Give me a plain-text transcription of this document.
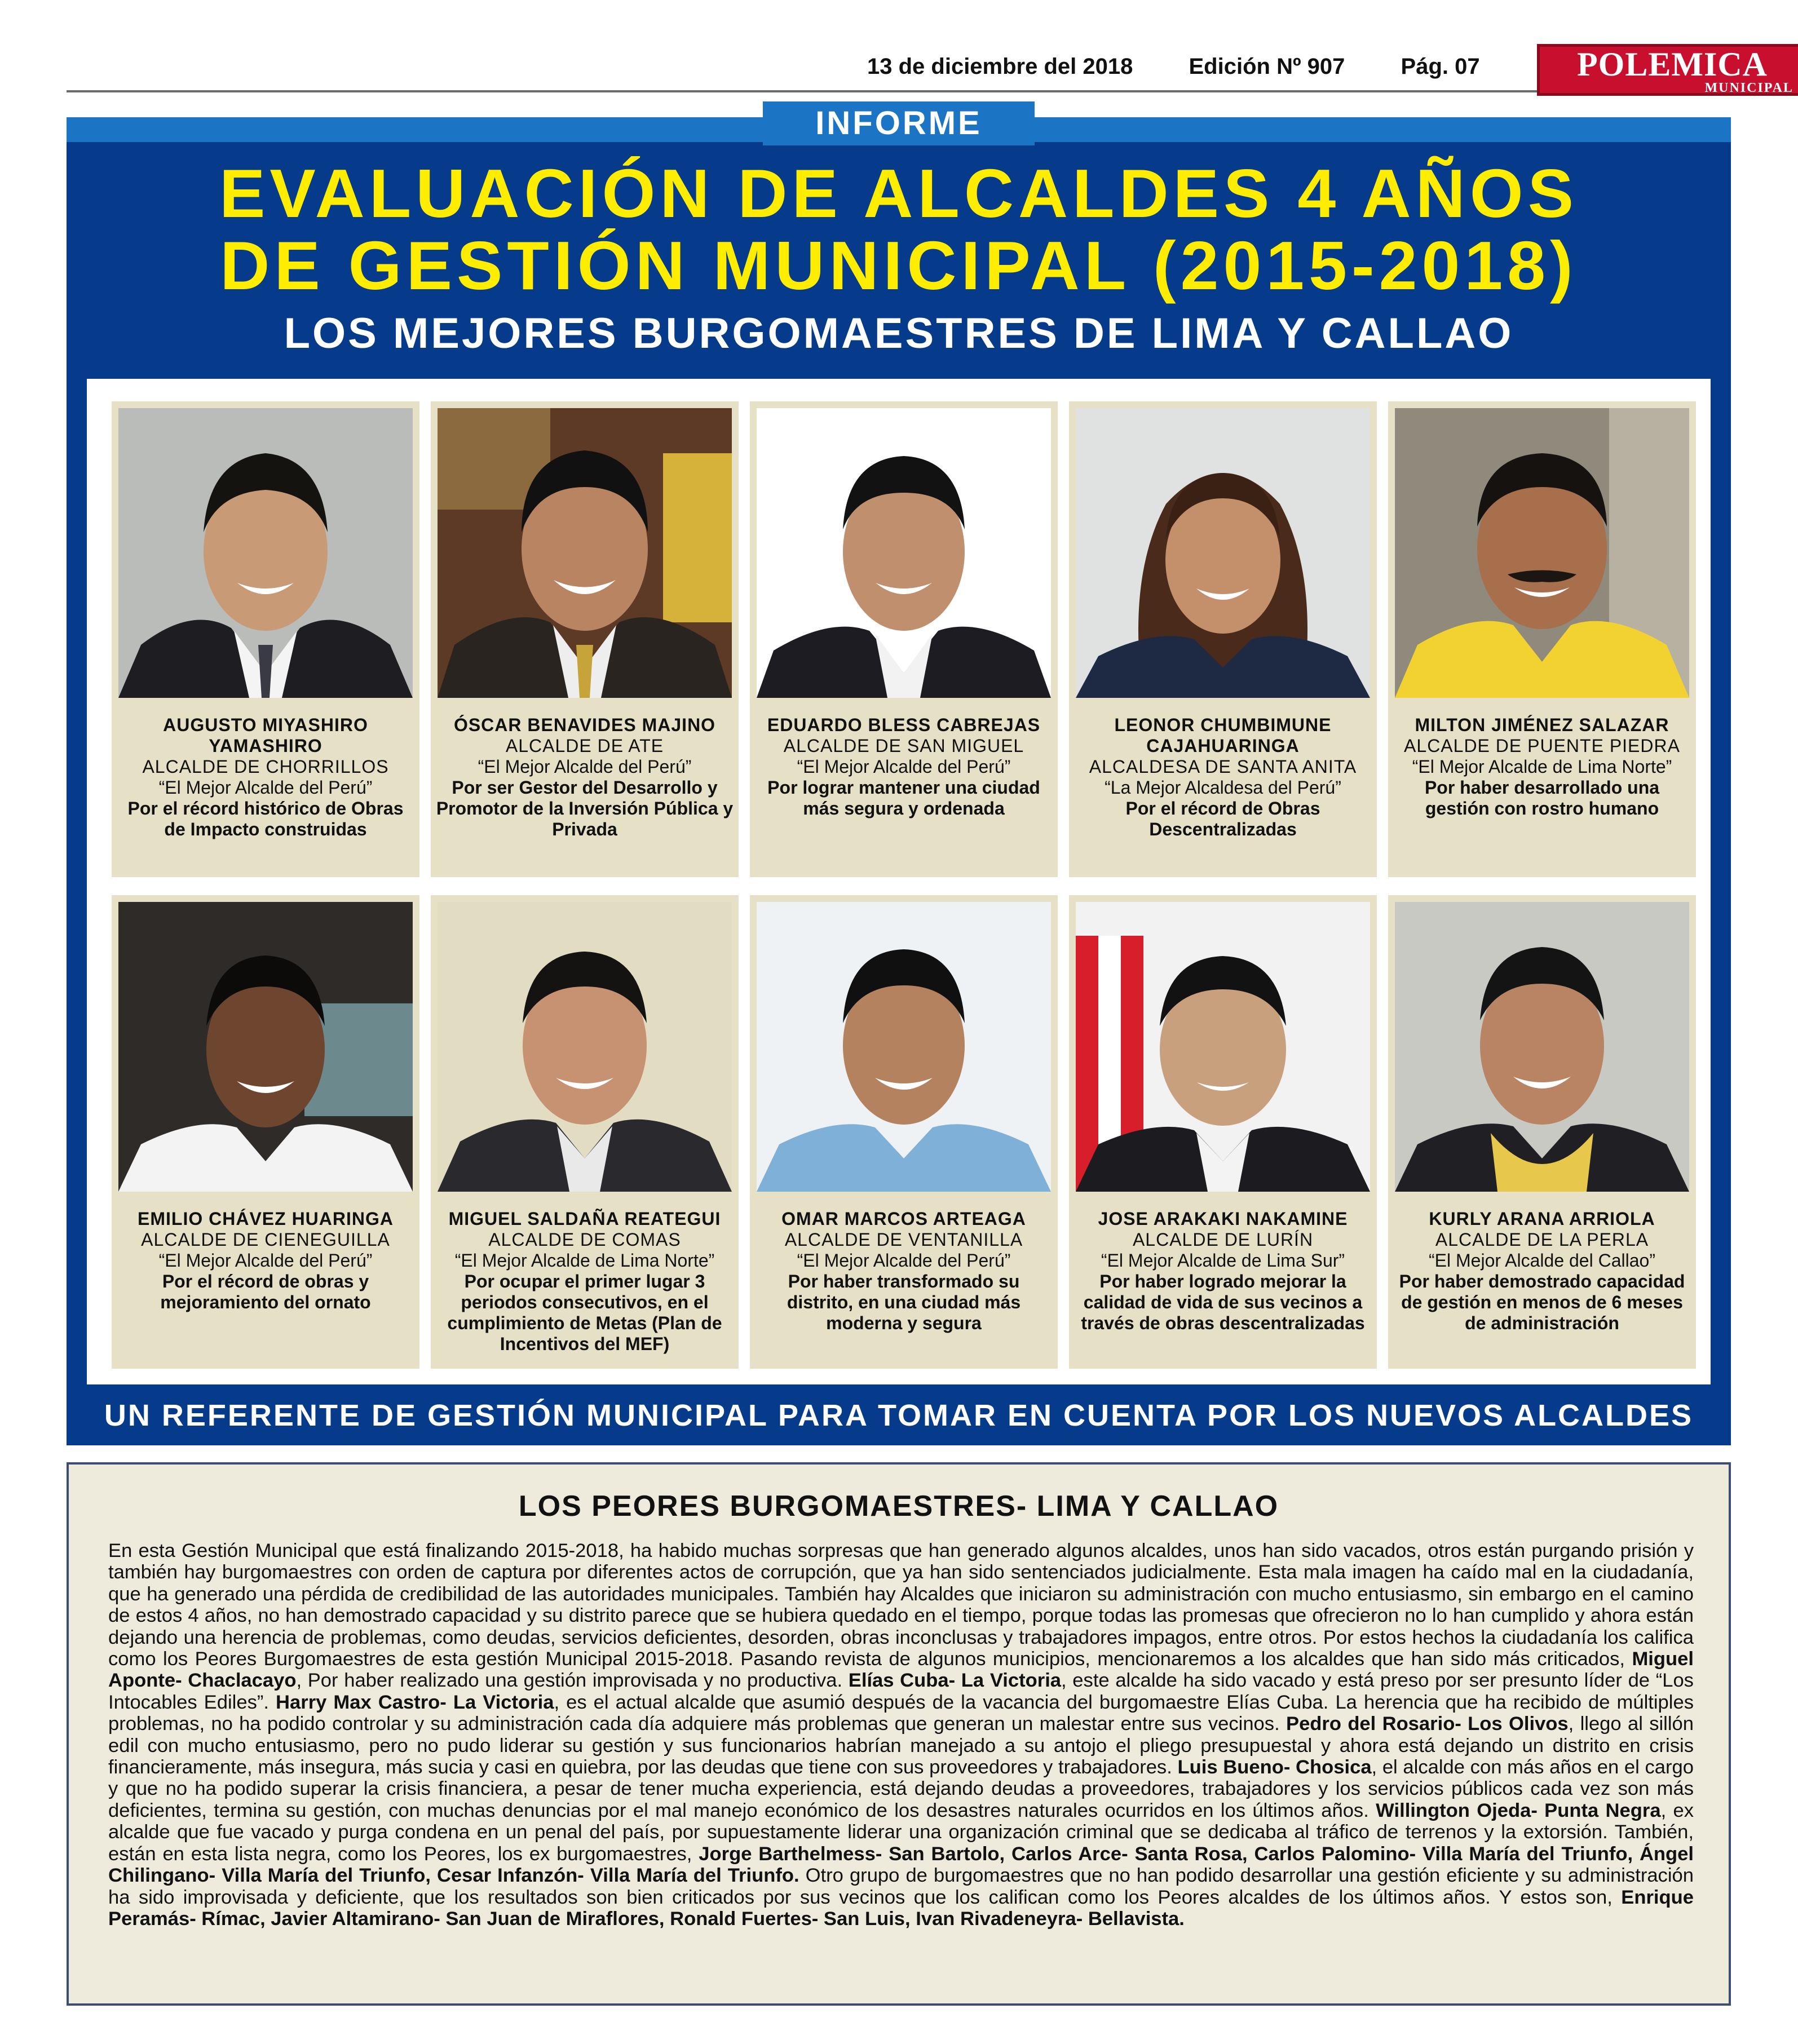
13 de diciembre del 2018 Edición Nº 907 Pág. 07	POLEMICA
MUNICIPAL
INFORME
EVALUACIÓN DE ALCALDES 4 AÑOS
DE GESTIÓN MUNICIPAL (2015-2018)
LOS MEJORES BURGOMAESTRES DE LIMA Y CALLAO
AUGUSTO MIYASHIRO YAMASHIRO
ALCALDE DE CHORRILLOS
“El Mejor Alcalde del Perú”
Por el récord histórico de Obras de Impacto construidas
ÓSCAR BENAVIDES MAJINO
ALCALDE DE ATE
“El Mejor Alcalde del Perú”
Por ser Gestor del Desarrollo y Promotor de la Inversión Pública y Privada
EDUARDO BLESS CABREJAS
ALCALDE DE SAN MIGUEL
“El Mejor Alcalde del Perú”
Por lograr mantener una ciudad más segura y ordenada
LEONOR CHUMBIMUNE CAJAHUARINGA
ALCALDESA DE SANTA ANITA
“La Mejor Alcaldesa del Perú”
Por el récord de Obras Descentralizadas
MILTON JIMÉNEZ SALAZAR
ALCALDE DE PUENTE PIEDRA
“El Mejor Alcalde de Lima Norte”
Por haber desarrollado una gestión con rostro humano
EMILIO CHÁVEZ HUARINGA
ALCALDE DE CIENEGUILLA
“El Mejor Alcalde del Perú”
Por el récord de obras y mejoramiento del ornato
MIGUEL SALDAÑA REATEGUI
ALCALDE DE COMAS
“El Mejor Alcalde de Lima Norte”
Por ocupar el primer lugar 3 periodos consecutivos, en el cumplimiento de Metas (Plan de Incentivos del MEF)
OMAR MARCOS ARTEAGA
ALCALDE DE VENTANILLA
“El Mejor Alcalde del Perú”
Por haber transformado su distrito, en una ciudad más moderna y segura
JOSE ARAKAKI NAKAMINE
ALCALDE DE LURÍN
“El Mejor Alcalde de Lima Sur”
Por haber logrado mejorar la calidad de vida de sus vecinos a través de obras descentralizadas
KURLY ARANA ARRIOLA
ALCALDE DE LA PERLA
“El Mejor Alcalde del Callao”
Por haber demostrado capacidad de gestión en menos de 6 meses de administración
UN REFERENTE DE GESTIÓN MUNICIPAL PARA TOMAR EN CUENTA POR LOS NUEVOS ALCALDES
LOS PEORES BURGOMAESTRES- LIMA Y CALLAO
En esta Gestión Municipal que está finalizando 2015-2018, ha habido muchas sorpresas que han generado algunos alcaldes, unos han sido vacados, otros están purgando prisión y también hay burgomaestres con orden de captura por diferentes actos de corrupción, que ya han sido sentenciados judicialmente. Esta mala imagen ha caído mal en la ciudadanía, que ha generado una pérdida de credibilidad de las autoridades municipales. También hay Alcaldes que iniciaron su administración con mucho entusiasmo, sin embargo en el camino de estos 4 años, no han demostrado capacidad y su distrito parece que se hubiera quedado en el tiempo, porque todas las promesas que ofrecieron no lo han cumplido y ahora están dejando una herencia de problemas, como deudas, servicios deficientes, desorden, obras inconclusas y trabajadores impagos, entre otros. Por estos hechos la ciudadanía los califica como los Peores Burgomaestres de esta gestión Municipal 2015-2018. Pasando revista de algunos municipios, mencionaremos a los alcaldes que han sido más criticados, Miguel Aponte- Chaclacayo, Por haber realizado una gestión improvisada y no productiva. Elías Cuba- La Victoria, este alcalde ha sido vacado y está preso por ser presunto líder de “Los Intocables Ediles”. Harry Max Castro- La Victoria, es el actual alcalde que asumió después de la vacancia del burgomaestre Elías Cuba. La herencia que ha recibido de múltiples problemas, no ha podido controlar y su administración cada día adquiere más problemas que generan un malestar entre sus vecinos. Pedro del Rosario- Los Olivos, llego al sillón edil con mucho entusiasmo, pero no pudo liderar su gestión y sus funcionarios habrían manejado a su antojo el pliego presupuestal y ahora está dejando un distrito en crisis financieramente, más insegura, más sucia y casi en quiebra, por las deudas que tiene con sus proveedores y trabajadores. Luis Bueno- Chosica, el alcalde con más años en el cargo y que no ha podido superar la crisis financiera, a pesar de tener mucha experiencia, está dejando deudas a proveedores, trabajadores y los servicios públicos cada vez son más deficientes, termina su gestión, con muchas denuncias por el mal manejo económico de los desastres naturales ocurridos en los últimos años. Willington Ojeda- Punta Negra, ex alcalde que fue vacado y purga condena en un penal del país, por supuestamente liderar una organización criminal que se dedicaba al tráfico de terrenos y la extorsión. También, están en esta lista negra, como los Peores, los ex burgomaestres, Jorge Barthelmess- San Bartolo, Carlos Arce- Santa Rosa, Carlos Palomino- Villa María del Triunfo, Ángel Chilingano- Villa María del Triunfo, Cesar Infanzón- Villa María del Triunfo. Otro grupo de burgomaestres que no han podido desarrollar una gestión eficiente y su administración ha sido improvisada y deficiente, que los resultados son bien criticados por sus vecinos que los califican como los Peores alcaldes de los últimos años. Y estos son, Enrique Peramás- Rímac, Javier Altamirano- San Juan de Miraflores, Ronald Fuertes- San Luis, Ivan Rivadeneyra- Bellavista.
